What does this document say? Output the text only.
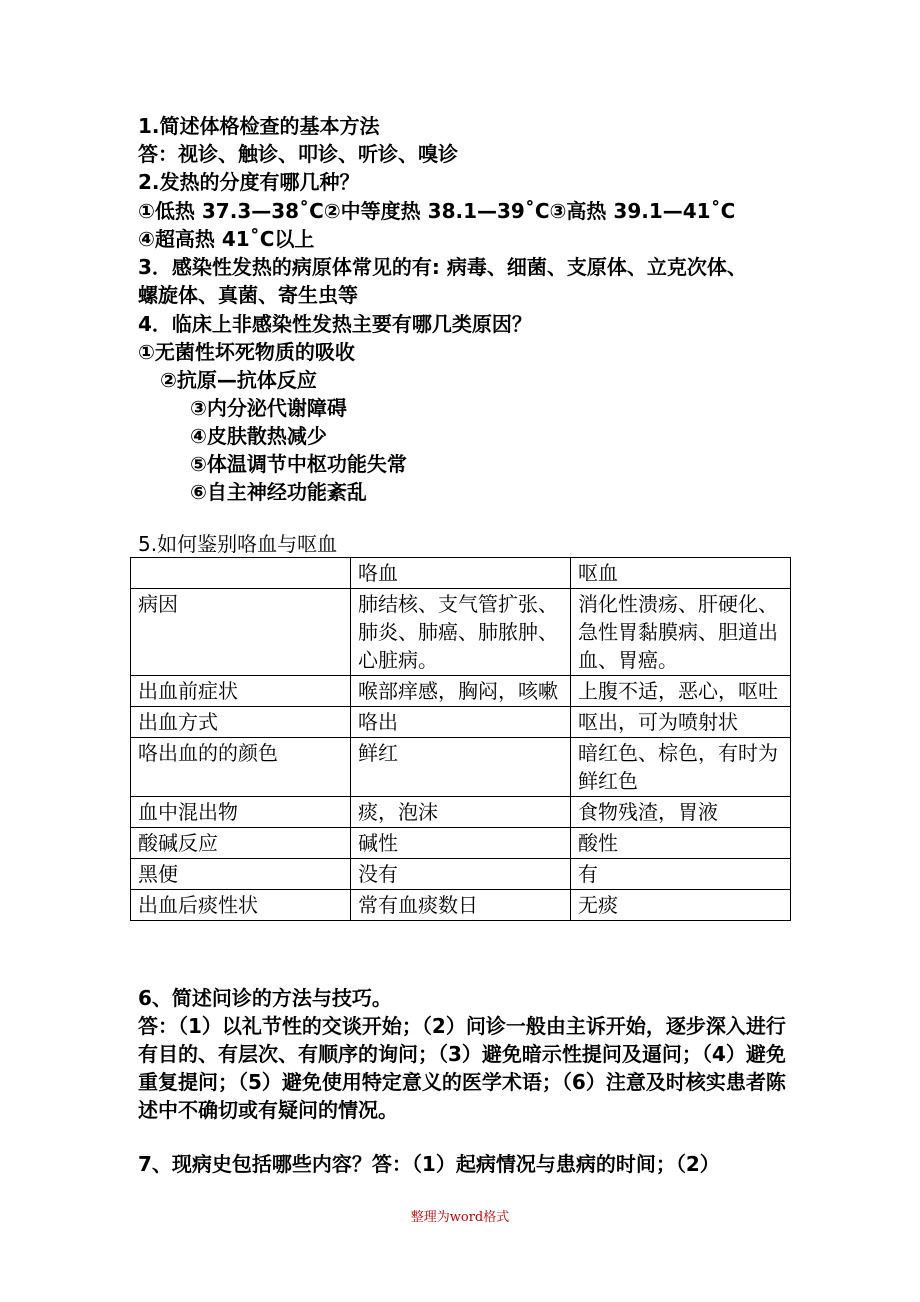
1.简述体格检查的基本方法
答：视诊、触诊、叩诊、听诊、嗅诊
2.发热的分度有哪几种？
①低热 37.3—38˚C②中等度热 38.1—39˚C③高热 39.1—41˚C
④超高热 41˚C以上
3．感染性发热的病原体常见的有: 病毒、细菌、支原体、立克次体、
螺旋体、真菌、寄生虫等
4．临床上非感染性发热主要有哪几类原因？
①无菌性坏死物质的吸收
②抗原—抗体反应
③内分泌代谢障碍
④皮肤散热减少
⑤体温调节中枢功能失常
⑥自主神经功能紊乱
5.如何鉴别咯血与呕血
	咯血	呕血
病因	肺结核、支气管扩张、肺炎、肺癌、肺脓肿、心脏病。	消化性溃疡、肝硬化、急性胃黏膜病、胆道出血、胃癌。
出血前症状	喉部痒感，胸闷，咳嗽	上腹不适，恶心，呕吐
出血方式	咯出	呕出，可为喷射状
咯出血的的颜色	鲜红	暗红色、棕色，有时为鲜红色
血中混出物	痰，泡沫	食物残渣，胃液
酸碱反应	碱性	酸性
黑便	没有	有
出血后痰性状	常有血痰数日	无痰
6、简述问诊的方法与技巧。
答：（1）以礼节性的交谈开始；（2）问诊一般由主诉开始，逐步深入进行有目的、有层次、有顺序的询问；（3）避免暗示性提问及逼问；（4）避免重复提问；（5）避免使用特定意义的医学术语；（6）注意及时核实患者陈述中不确切或有疑问的情况。
7、现病史包括哪些内容？答：（1）起病情况与患病的时间；（2）
整理为word格式
